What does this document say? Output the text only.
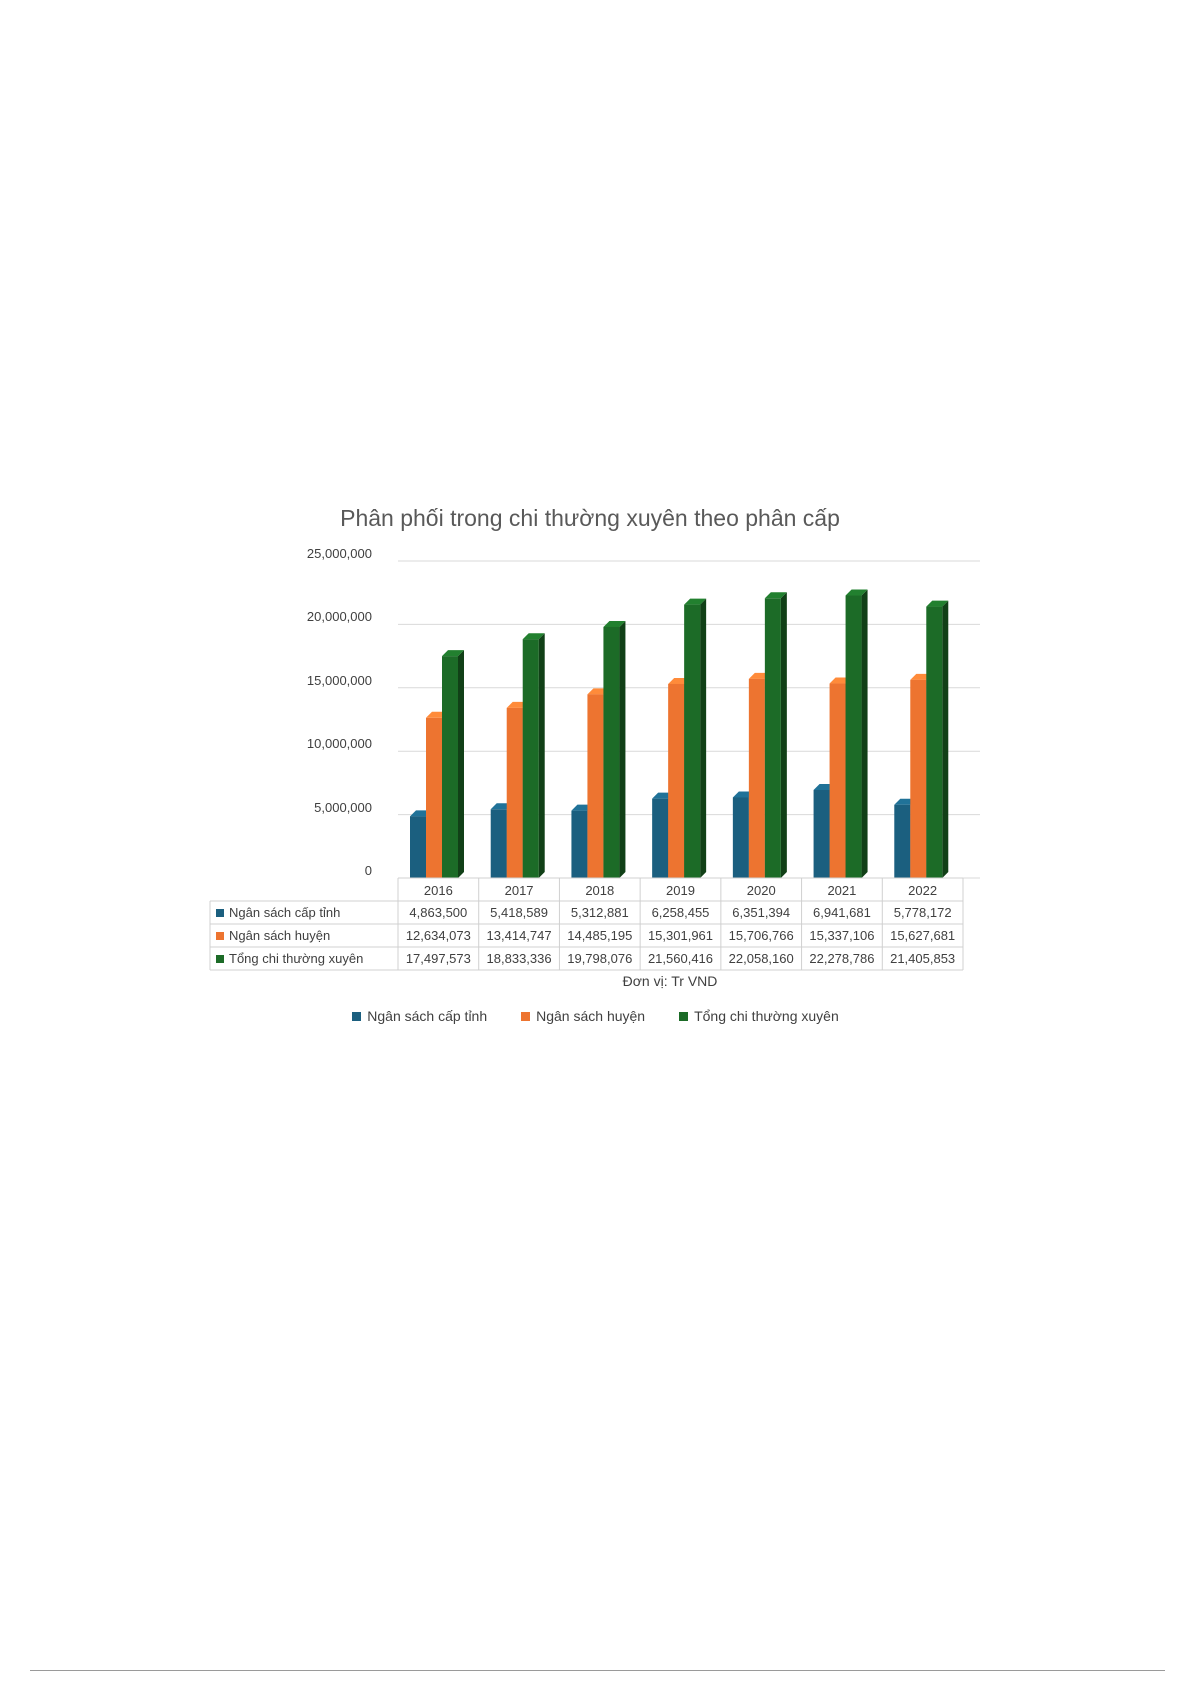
2016	2017	2018	2019	2020	2021	2022
Ngân sách cấp tỉnh	4,863,500 5,418,589 5,312,881 6,258,455 6,351,394 6,941,681 5,778,172
Ngân sách huyện	12,634,073 13,414,747 14,485,195 15,301,961 15,706,766 15,337,106 15,627,681
Tổng chi thường xuyên	17,497,573 18,833,336 19,798,076 21,560,416 22,058,160 22,278,786 21,405,853
Phân phối trong chi thường xuyên theo phân cấp
0
5,000,000
10,000,000
15,000,000
20,000,000
25,000,000
Đơn vị: Tr VND
Ngân sách cấp tỉnh	Ngân sách huyện	Tổng chi thường xuyên
